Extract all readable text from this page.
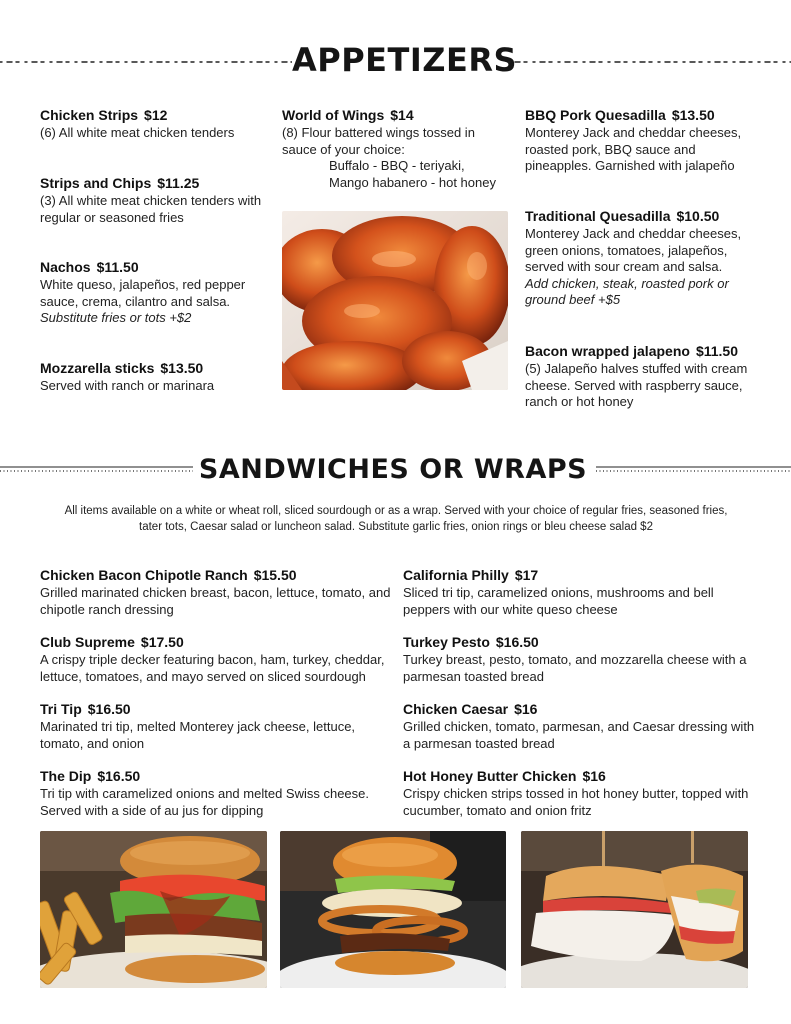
APPETIZERS
Chicken Strips $12
(6) All white meat chicken tenders
Strips and Chips $11.25
(3) All white meat chicken tenders with regular or seasoned fries
Nachos $11.50
White queso, jalapeños, red pepper sauce, crema, cilantro and salsa.
Substitute fries or tots +$2
Mozzarella sticks $13.50
Served with ranch or marinara
World of Wings $14
(8) Flour battered wings tossed in sauce of your choice:
Buffalo - BBQ - teriyaki,
Mango habanero - hot honey
BBQ Pork Quesadilla $13.50
Monterey Jack and cheddar cheeses, roasted pork, BBQ sauce and pineapples. Garnished with jalapeño
Traditional Quesadilla $10.50
Monterey Jack and cheddar cheeses, green onions, tomatoes, jalapeños, served with sour cream and salsa.
Add chicken, steak, roasted pork or ground beef +$5
Bacon wrapped jalapeno $11.50
(5) Jalapeño halves stuffed with cream cheese. Served with raspberry sauce, ranch or hot honey
SANDWICHES OR WRAPS
All items available on a white or wheat roll, sliced sourdough or as a wrap. Served with your choice of regular fries, seasoned fries, tater tots, Caesar salad or luncheon salad. Substitute garlic fries, onion rings or bleu cheese salad $2
Chicken Bacon Chipotle Ranch $15.50
Grilled marinated chicken breast, bacon, lettuce, tomato, and chipotle ranch dressing
Club Supreme $17.50
A crispy triple decker featuring bacon, ham, turkey, cheddar, lettuce, tomatoes, and mayo served on sliced sourdough
Tri Tip $16.50
Marinated tri tip, melted Monterey jack cheese, lettuce, tomato, and onion
The Dip $16.50
Tri tip with caramelized onions and melted Swiss cheese. Served with a side of au jus for dipping
California Philly $17
Sliced tri tip, caramelized onions, mushrooms and bell peppers with our white queso cheese
Turkey Pesto $16.50
Turkey breast, pesto, tomato, and mozzarella cheese with a parmesan toasted bread
Chicken Caesar $16
Grilled chicken, tomato, parmesan, and Caesar dressing with a parmesan toasted bread
Hot Honey Butter Chicken $16
Crispy chicken strips tossed in hot honey butter, topped with cucumber, tomato and onion fritz
